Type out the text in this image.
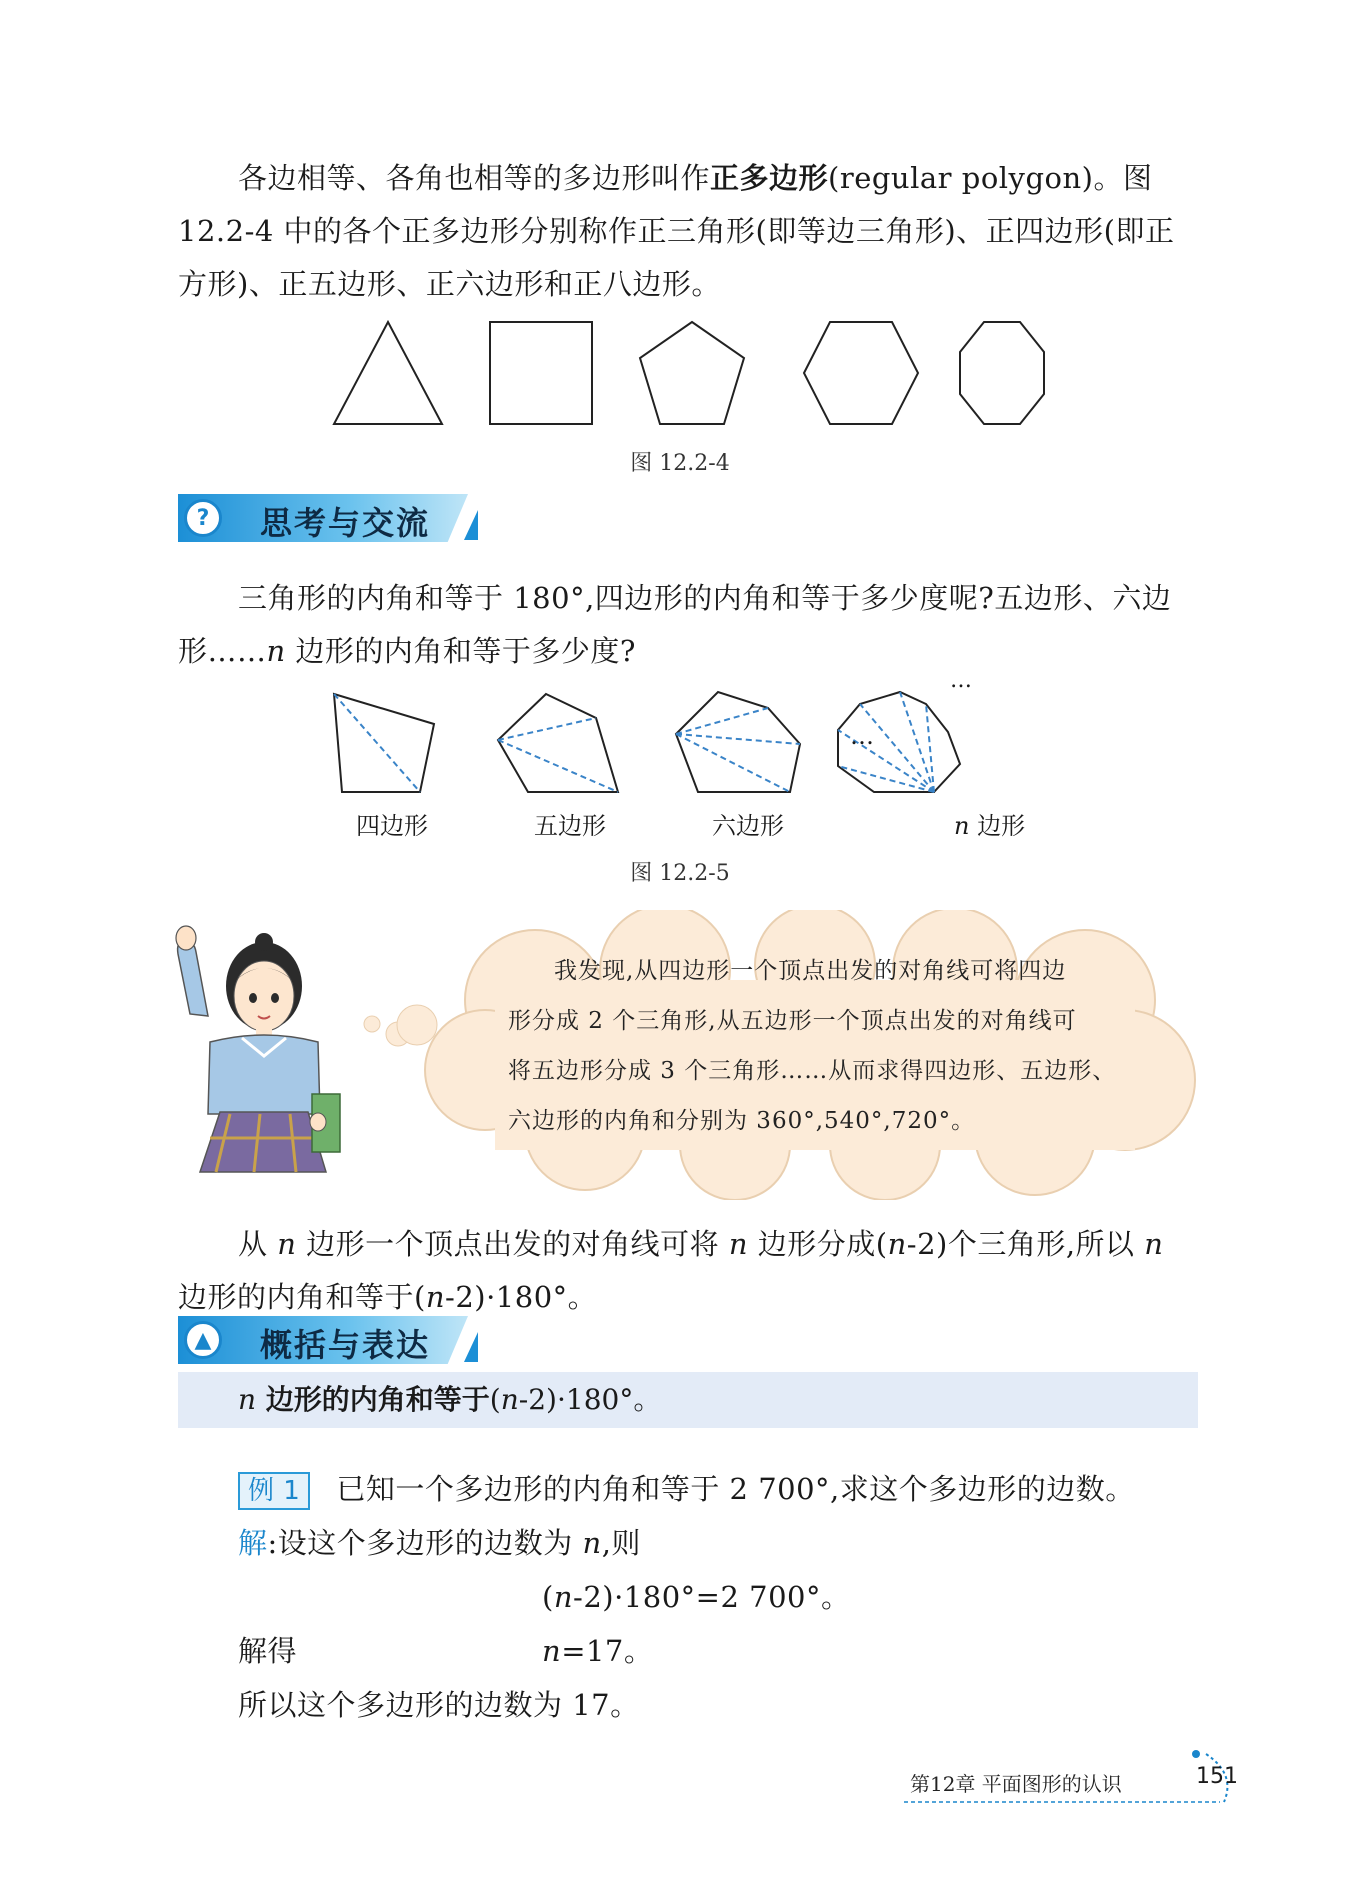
各边相等、各角也相等的多边形叫作正多边形(regular polygon)。图 12.2-4 中的各个正多边形分别称作正三角形(即等边三角形)、正四边形(即正方形)、正五边形、正六边形和正八边形。

图 12.2-4
?	思考与交流

三角形的内角和等于 180°,四边形的内角和等于多少度呢?五边形、六边形……n 边形的内角和等于多少度?

…
…
四边形	五边形	六边形	n 边形
图 12.2-5

我发现,从四边形一个顶点出发的对角线可将四边

形分成 2 个三角形,从五边形一个顶点出发的对角线可

将五边形分成 3 个三角形……从而求得四边形、五边形、

六边形的内角和分别为 360°,540°,720°。

从 n 边形一个顶点出发的对角线可将 n 边形分成(n-2)个三角形,所以 n 边形的内角和等于(n-2)·180°。

▲	概括与表达
n 边形的内角和等于(n-2)·180°。

例 1 已知一个多边形的内角和等于 2 700°,求这个多边形的边数。

解:设这个多边形的边数为 n,则

(n-2)·180°=2 700°。

解得	n=17。

所以这个多边形的边数为 17。

第12章 平面图形的认识	151
